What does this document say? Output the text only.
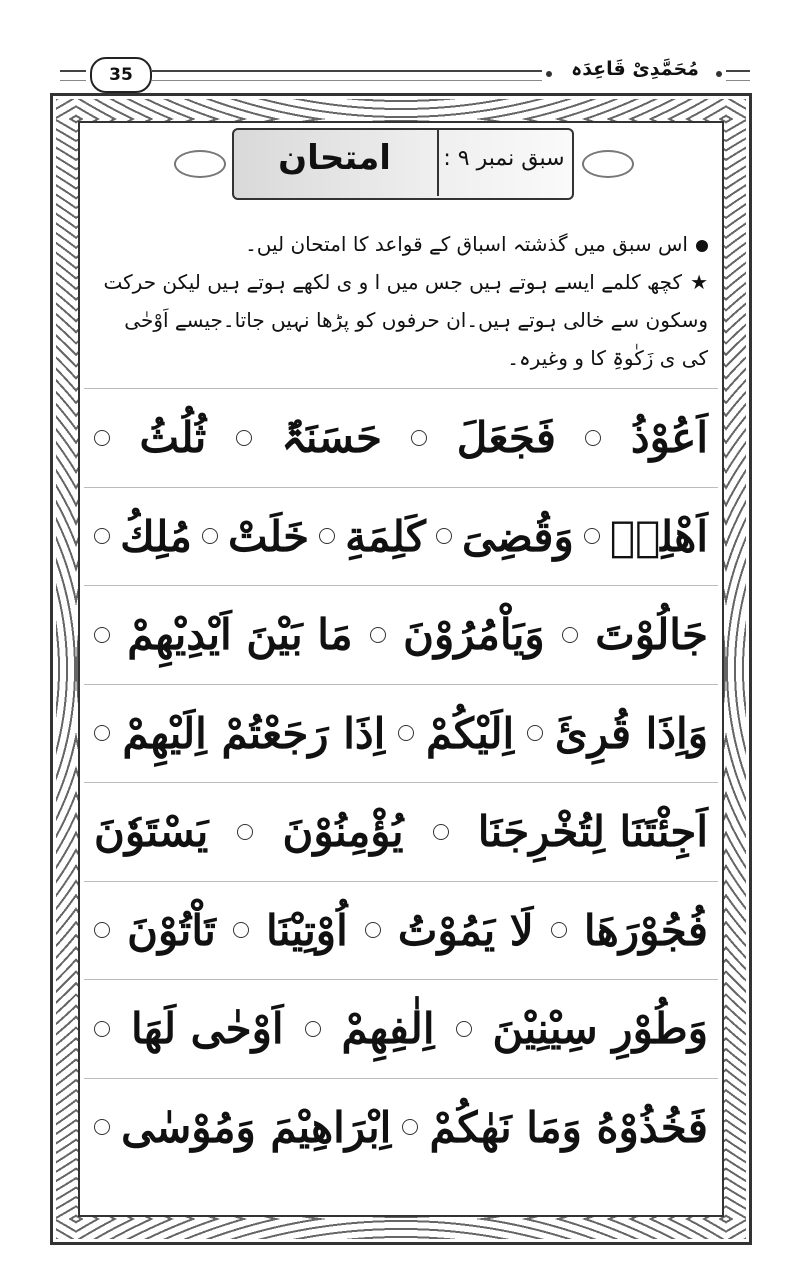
35	مُحَمَّدِیْ قَاعِدَہ
امتحان	سبق نمبر ۹ :

اس سبق میں گذشتہ اسباق کے قواعد کا امتحان لیں۔

★کچھ کلمے ایسے ہوتے ہیں جس میں ا و ی لکھے ہوتے ہیں لیکن حرکت وسکون سے خالی ہوتے ہیں۔ان حرفوں کو پڑھا نہیں جاتا۔جیسے اَوْحٰی کی ی زَکٰوۃِ کا و وغیرہ۔

اَعُوْذُ
فَجَعَلَ
حَسَنَۃٌ
ثُلُثُ
اَهْلِهٖ
وَقُضِیَ
كَلِمَةِ
خَلَتْ
مُلِكُ
جَالُوْتَ
وَيَاْمُرُوْنَ
مَا بَيْنَ اَيْدِيْهِمْ
وَاِذَا قُرِئَ
اِلَيْكُمْ
اِذَا رَجَعْتُمْ اِلَيْهِمْ
اَجِئْتَنَا لِتُخْرِجَنَا
يُؤْمِنُوْنَ
يَسْتَوٗنَ
فُجُوْرَهَا
لَا يَمُوْتُ
اُوْتِيْنَا
تَاْتُوْنَ
وَطُوْرِ سِيْنِيْنَ
اِلٰفِهِمْ
اَوْحٰى لَهَا
فَخُذُوْهُ وَمَا نَهٰكُمْ
اِبْرَاهِيْمَ وَمُوْسٰى
